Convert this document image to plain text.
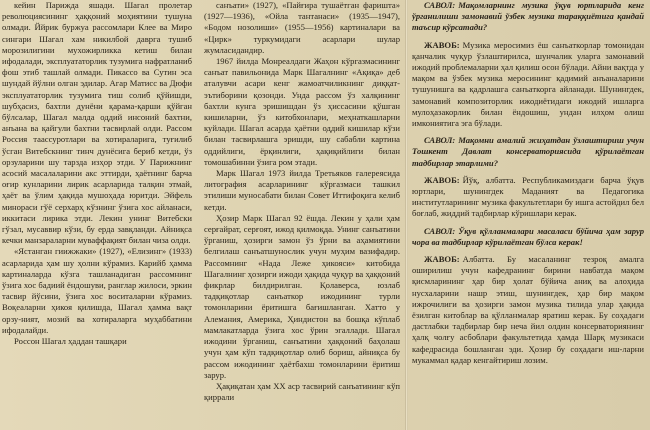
кейин Парижда яшади. Шагал пролетар революциясининг ҳаққоний моҳиятини тушуна олмади. Ййрик буржуа рассомлари Клее ва Миро сингари Шагал хам никилбой даврга тушиб морозилигини мухожирликка кетиш билан ифодалади, эксплуататорлик тузумига нафратланиб фош этиб ташлай олмади. Пикассо ва Сутин эса шундай йўлни олган эдилар. Агар Матисс ва Дюфи эксплуататорлик тузумига тиш солиб қўйишди, шубҳасиз, бахтли дунёни қарама-қарши қўйган бўлсалар, Шагал малда оддий инсоний бахтни, анъана ва қайгули бахтни тасвирлай олди. Рассом Россия таассуротлари ва хотираларига, туғилиб ўсган Витебскнинг тинч дунёсига бериб кетди, ўз орзуларини шу тарзда изҳор этди. У Парижнинг асосий масалаларини акс эттирди, ҳаётнинг барча оғир кунларини лирик асарларида талқин этмай, ҳаёт ва ўлим ҳақида мушоҳада юритди. Эйфель минораси гўё серхарҳ кўзнинг ўзига хос айланаси, иккитаси лирика этди. Лекин унинг Витебски гўзал, мусаввир кўзи, бу ерда завқланди. Айниқса кечки манзараларни муваффақият билан чиза олди.

«Ястанган гиижжаки» (1927), «Елизинг» (1933) асарларида ҳам шу ҳолни кўрамиз. Карийб ҳамма картиналарда кўзга ташланадиган рассомнинг ўзига хос бадиий ёндошуви, ранглар жилоси, эркин тасвир йўсини, ўзига хос воситаларни кўрамиз. Воқеаларни ҳикоя қилишда, Шагал ҳамма вақт орзу-ният, мозий ва хотираларга муҳаббатини ифодалайди.

Россон Шагал ҳаддан ташқари

санъати» (1927), «Пайғира тушаётган фаришта» (1927—1936), «Ойла тантанаси» (1935—1947), «Бодом нозолиши» (1955—1956) картиналари ва «Цирк» туркумидаги асарлари шулар жумласидандир.

1967 йилда Монреалдаги Жаҳон кўргазмасининг санъат павильонида Марк Шагалнинг «Ақиқа» деб аталувчи асари кенг жамоатчиликнинг диққат-эътиборини қозонди. Унда рассом ўз халқининг бахтли кунга эришишдан ўз ҳиссасини қўшган кишиларни, ўз китобхонлари, меҳнаткашларни куйлади. Шагал асарда ҳаётни оддий кишилар кўзи билан тасвирлашга эришди, шу сабабли картина оддийлиги, ёрқинлиги, ҳақиқийлиги билан томошабинни ўзига ром этади.

Марк Шагал 1973 йилда Третьяков галереясида литография асарларининг кўргазмаси ташкил этилиши муносабати билан Совет Иттифоқига келиб кетди.

Ҳозир Марк Шагал 92 ёшда. Лекин у ҳали ҳам серғайрат, серғоят, ижод қилмоқда. Унинг санъатини ўрганиш, ҳозирги замон ўз ўрни ва аҳамиятини белгилаш санъатшунослик учун муҳим вазифадир. Рассомнинг «Нада Леже ҳикояси» китобида Шагалнинг ҳозирги ижоди ҳақида чуқур ва ҳаққоний фикрлар билдирилган. Қолаверса, юзлаб тадқиқотлар санъаткор ижодининг турли томонларини ёритишга бағишланган. Хатто у Алемания, Америка, Ҳиндистон ва бошқа кўплаб мамлакатларда ўзига хос ўрин эгаллади. Шагал ижодини ўрганиш, санъатини ҳаққоний баҳолаш учун ҳам кўп тадқиқотлар олиб бориш, айниқса бу рассом ижодининг ҳаётбахш томонларини ёритиш зарур.

Ҳақиқатан ҳам ХХ аср тасвирий санъатининг кўп қиррали

САВОЛ: Мақомларнинг музика ўқув юртларида кенг ўрганилиши замонавий ўзбек музика тараққиётига қандай таъсир кўрсатади?

ЖАВОБ: Музика меросимиз ёш санъаткорлар томонидан қанчалик чуқур ўзлаштирилса, шунчалик уларга замонавий ижодий проблемаларни ҳал қилиш осон бўлади. Айни вақтда у мақом ва ўзбек музика меросининг қадимий анъаналарини тушунишга ва қадрлашга санъаткорга айланади. Шунингдек, замонавий композиторлик ижодиётидаги ижодий ишларга мулоҳазакорлик билан ёндошиш, ундан илҳом олиш имкониятига эга бўлади.

САВОЛ: Мақомни амалий жиҳатдан ўзлаштириш учун Тошкент Давлат консерваториясида қўрилаётган тадбирлар этарлими?

ЖАВОБ: Йўқ, албатта. Республикамиздаги барча ўқув юртлари, шунингдек Маданият ва Педагогика институтларининг музика факультетлари бу ишга астойдил бел боғлаб, жиддий тадбирлар кўришлари керак.

САВОЛ: Ўқув қўлланмалари масаласи бўйича ҳам зарур чора ва тадбирлар кўрилаётган бўлса керак!

ЖАВОБ: Албатта. Бу масаланинг тезроқ амалга оширилиш учун кафедранинг бирини навбатда мақом қисмларининг ҳар бир ҳолат бўйича аниқ ва алоҳида нусхаларини нашр этиш, шунингдек, ҳар бир мақом ижрочилиги ва ҳозирги замон музика тилида улар ҳақида ёзилган китоблар ва қўлланмалар яратиш керак. Бу соҳадаги дастлабки тадбирлар бир неча йил олдин консерваториянинг ҳалқ чолғу асбоблари факультетида ҳамда Шарқ музикаси кафедрасида бошланган эди. Ҳозир бу соҳадаги иш-ларни мукаммал қадар кенгайтириш лозим.
